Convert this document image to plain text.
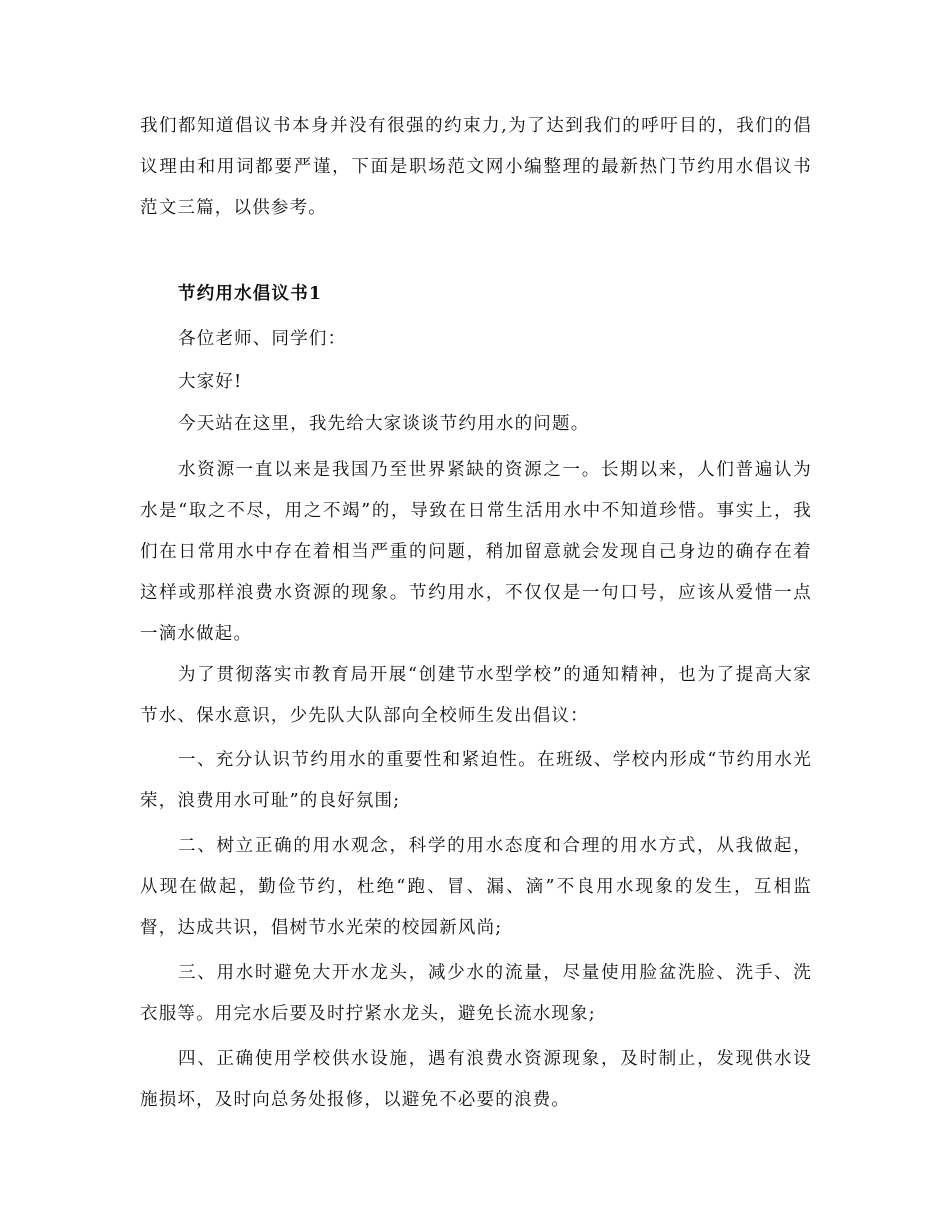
我们都知道倡议书本身并没有很强的约束力,为了达到我们的呼吁目的，我们的倡议理由和用词都要严谨，下面是职场范文网小编整理的最新热门节约用水倡议书范文三篇，以供参考。

节约用水倡议书1

各位老师、同学们：

大家好!

今天站在这里，我先给大家谈谈节约用水的问题。

水资源一直以来是我国乃至世界紧缺的资源之一。长期以来，人们普遍认为水是“取之不尽，用之不竭”的，导致在日常生活用水中不知道珍惜。事实上，我们在日常用水中存在着相当严重的问题，稍加留意就会发现自己身边的确存在着这样或那样浪费水资源的现象。节约用水，不仅仅是一句口号，应该从爱惜一点一滴水做起。

为了贯彻落实市教育局开展“创建节水型学校”的通知精神，也为了提高大家节水、保水意识，少先队大队部向全校师生发出倡议：

一、充分认识节约用水的重要性和紧迫性。在班级、学校内形成“节约用水光荣，浪费用水可耻”的良好氛围;

二、树立正确的用水观念，科学的用水态度和合理的用水方式，从我做起，从现在做起，勤俭节约，杜绝“跑、冒、漏、滴”不良用水现象的发生，互相监督，达成共识，倡树节水光荣的校园新风尚;

三、用水时避免大开水龙头，减少水的流量，尽量使用脸盆洗脸、洗手、洗衣服等。用完水后要及时拧紧水龙头，避免长流水现象;

四、正确使用学校供水设施，遇有浪费水资源现象，及时制止，发现供水设施损坏，及时向总务处报修，以避免不必要的浪费。
